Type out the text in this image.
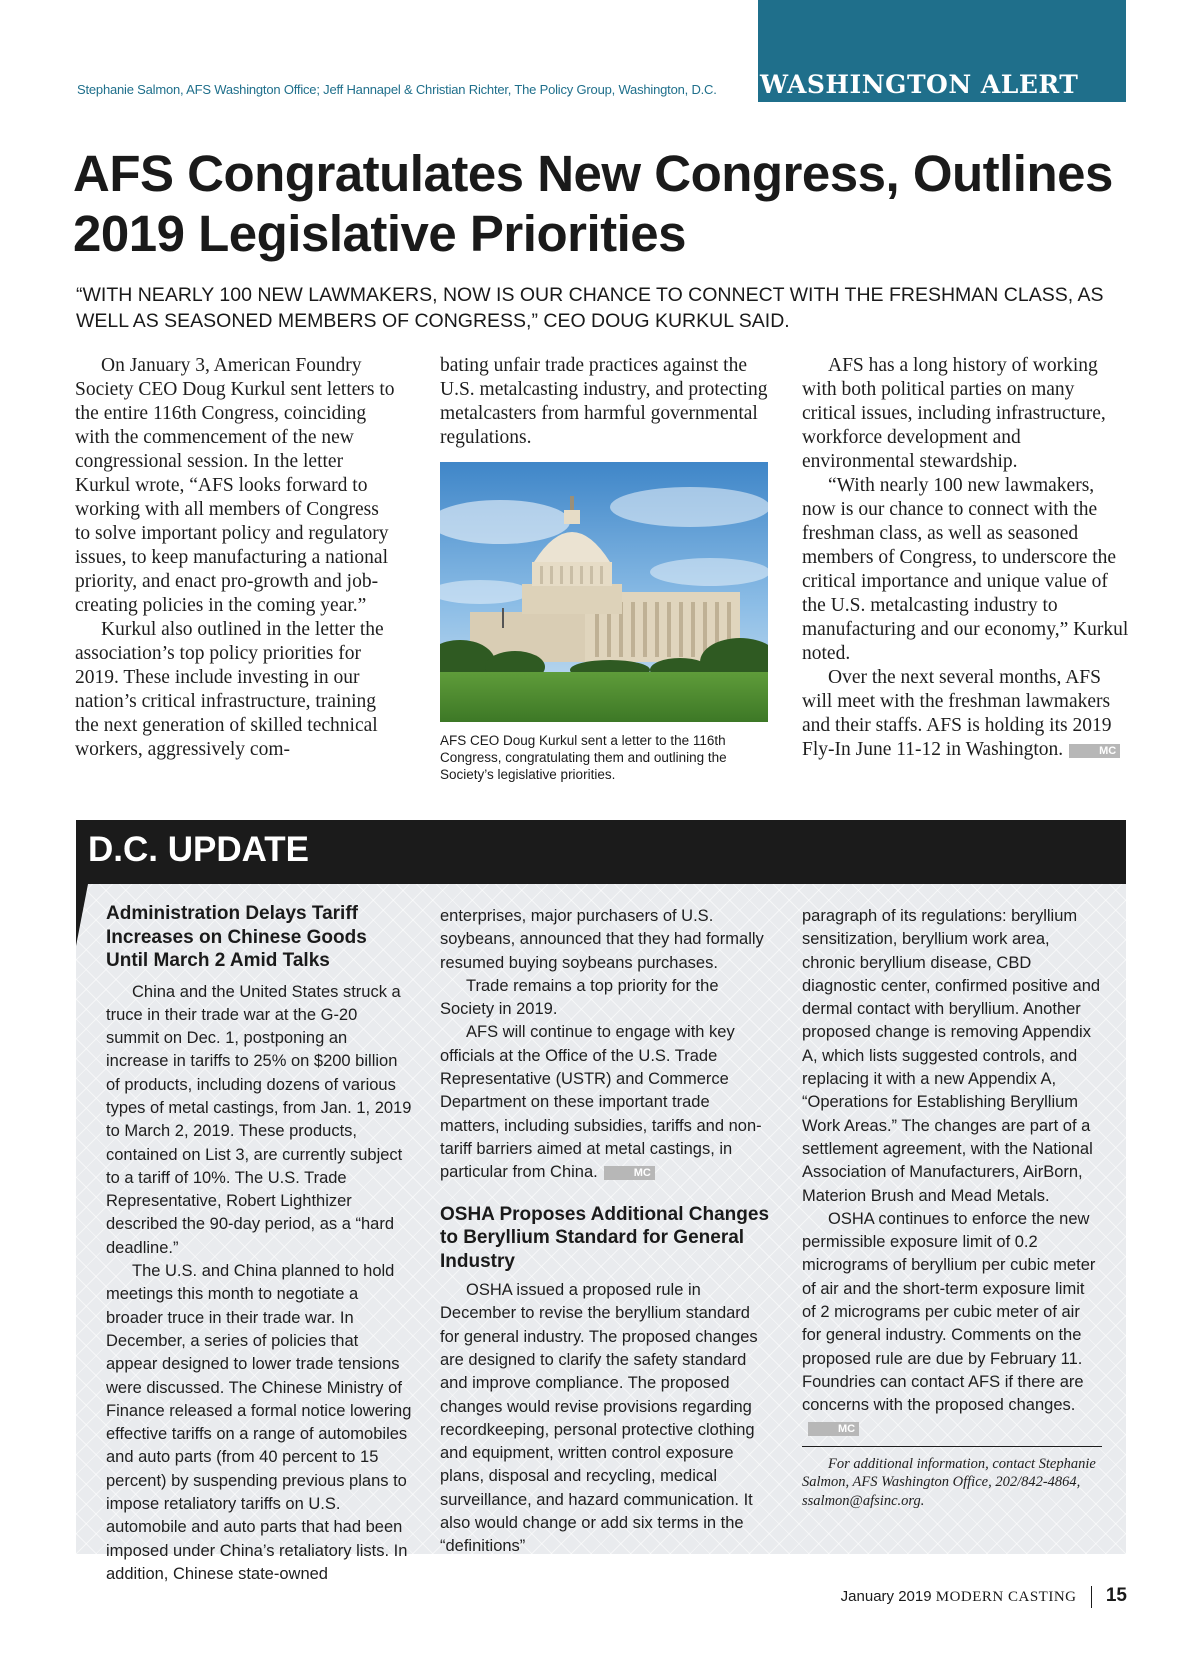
WASHINGTON ALERT
Stephanie Salmon, AFS Washington Office; Jeff Hannapel & Christian Richter, The Policy Group, Washington, D.C.
AFS Congratulates New Congress, Outlines 2019 Legislative Priorities

“WITH NEARLY 100 NEW LAWMAKERS, NOW IS OUR CHANCE TO CONNECT WITH THE FRESHMAN CLASS, AS WELL AS SEASONED MEMBERS OF CONGRESS,” CEO DOUG KURKUL SAID.

On January 3, American Foundry Society CEO Doug Kurkul sent letters to the entire 116th Congress, coinciding with the commencement of the new congressional session. In the letter Kurkul wrote, “AFS looks forward to working with all members of Congress to solve important policy and regulatory issues, to keep manufacturing a national priority, and enact pro-growth and job-creating policies in the coming year.”

Kurkul also outlined in the letter the association’s top policy priorities for 2019. These include investing in our nation’s critical infrastructure, training the next generation of skilled technical workers, aggressively com-

bating unfair trade practices against the U.S. metalcasting industry, and protecting metalcasters from harmful governmental regulations.

AFS CEO Doug Kurkul sent a letter to the 116th Congress, congratulating them and outlining the Society’s legislative priorities.

AFS has a long history of working with both political parties on many critical issues, including infrastructure, workforce development and environmental stewardship.

“With nearly 100 new lawmakers, now is our chance to connect with the freshman class, as well as seasoned members of Congress, to underscore the critical importance and unique value of the U.S. metalcasting industry to manufacturing and our economy,” Kurkul noted.

Over the next several months, AFS will meet with the freshman lawmakers and their staffs. AFS is holding its 2019 Fly-In June 11-12 in Washington.	MC

D.C. UPDATE
Administration Delays Tariff Increases on Chinese Goods Until March 2 Amid Talks

China and the United States struck a truce in their trade war at the G-20 summit on Dec. 1, postponing an increase in tariffs to 25% on $200 billion of products, including dozens of various types of metal castings, from Jan. 1, 2019 to March 2, 2019. These products, contained on List 3, are currently subject to a tariff of 10%. The U.S. Trade Representative, Robert Lighthizer described the 90-day period, as a “hard deadline.”

The U.S. and China planned to hold meetings this month to negotiate a broader truce in their trade war. In December, a series of policies that appear designed to lower trade tensions were discussed. The Chinese Ministry of Finance released a formal notice lowering effective tariffs on a range of automobiles and auto parts (from 40 percent to 15 percent) by suspending previous plans to impose retaliatory tariffs on U.S. automobile and auto parts that had been imposed under China’s retaliatory lists. In addition, Chinese state-owned

enterprises, major purchasers of U.S. soybeans, announced that they had formally resumed buying soybeans purchases.

Trade remains a top priority for the Society in 2019.

AFS will continue to engage with key officials at the Office of the U.S. Trade Representative (USTR) and Commerce Department on these important trade matters, including subsidies, tariffs and non-tariff barriers aimed at metal castings, in particular from China.	MC

OSHA Proposes Additional Changes to Beryllium Standard for General Industry

OSHA issued a proposed rule in December to revise the beryllium standard for general industry. The proposed changes are designed to clarify the safety standard and improve compliance. The proposed changes would revise provisions regarding recordkeeping, personal protective clothing and equipment, written control exposure plans, disposal and recycling, medical surveillance, and hazard communication. It also would change or add six terms in the “definitions”

paragraph of its regulations: beryllium sensitization, beryllium work area, chronic beryllium disease, CBD diagnostic center, confirmed positive and dermal contact with beryllium. Another proposed change is removing Appendix A, which lists suggested controls, and replacing it with a new Appendix A, “Operations for Establishing Beryllium Work Areas.” The changes are part of a settlement agreement, with the National Association of Manufacturers, AirBorn, Materion Brush and Mead Metals.

OSHA continues to enforce the new permissible exposure limit of 0.2 micrograms of beryllium per cubic meter of air and the short-term exposure limit of 2 micrograms per cubic meter of air for general industry. Comments on the proposed rule are due by February 11. Foundries can contact AFS if there are concerns with the proposed changes.MC

For additional information, contact Stephanie Salmon, AFS Washington Office, 202/842-4864, ssalmon@afsinc.org.

January 2019 MODERN CASTING 15
